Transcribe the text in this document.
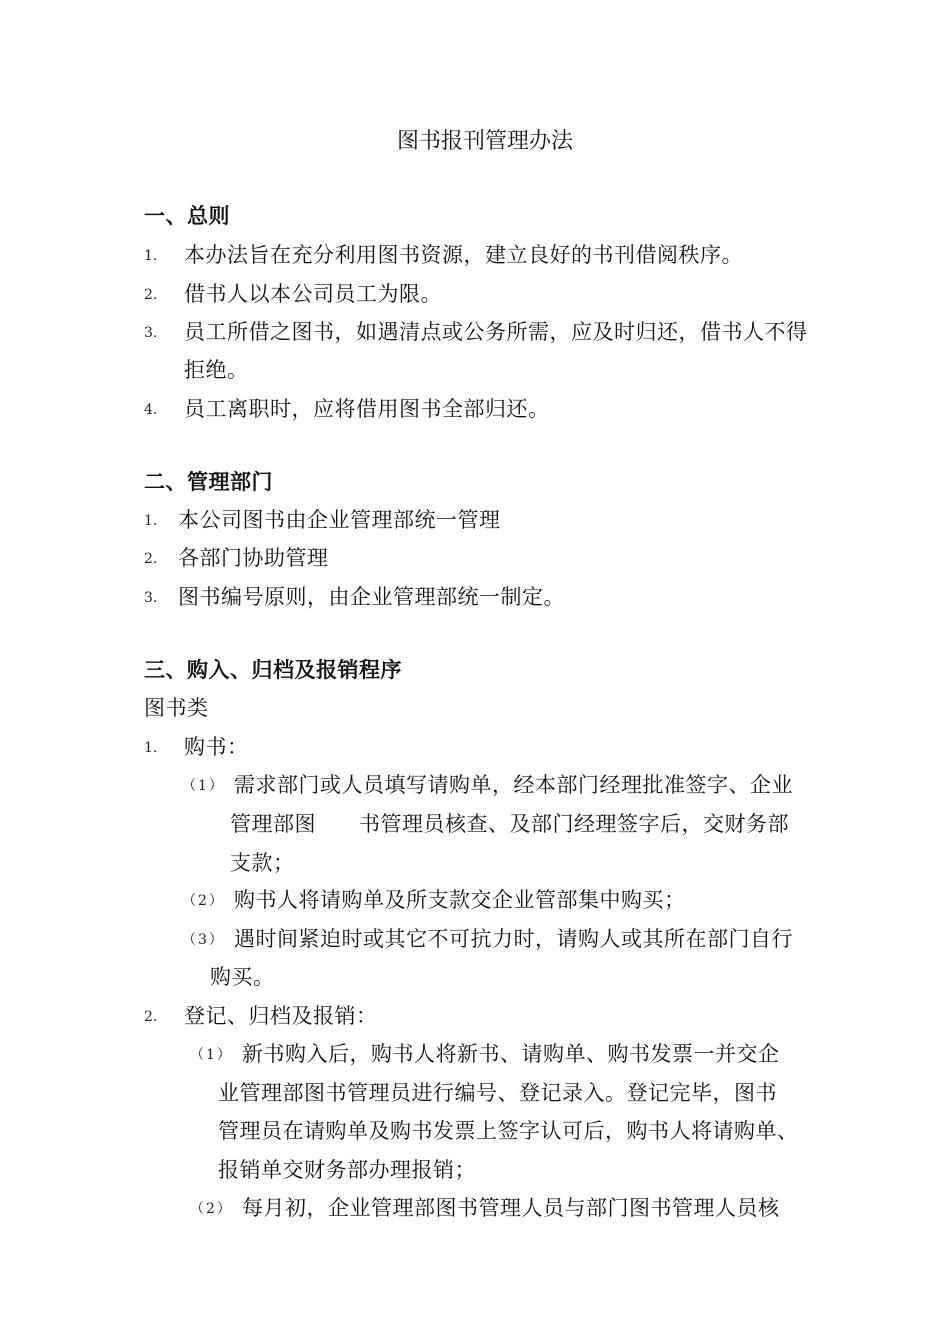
图书报刊管理办法
一、总则
1. 本办法旨在充分利用图书资源，建立良好的书刊借阅秩序。
2. 借书人以本公司员工为限。
3. 员工所借之图书，如遇清点或公务所需，应及时归还，借书人不得
拒绝。
4. 员工离职时，应将借用图书全部归还。
二、管理部门
1. 本公司图书由企业管理部统一管理
2. 各部门协助管理
3. 图书编号原则，由企业管理部统一制定。
三、购入、归档及报销程序
图书类
1. 购书：
（1） 需求部门或人员填写请购单，经本部门经理批准签字、企业
管理部图　　书管理员核查、及部门经理签字后，交财务部
支款；
（2） 购书人将请购单及所支款交企业管部集中购买；
（3） 遇时间紧迫时或其它不可抗力时，请购人或其所在部门自行
购买。
2. 登记、归档及报销：
（1） 新书购入后，购书人将新书、请购单、购书发票一并交企
业管理部图书管理员进行编号、登记录入。登记完毕，图书
管理员在请购单及购书发票上签字认可后，购书人将请购单、
报销单交财务部办理报销；
（2） 每月初，企业管理部图书管理人员与部门图书管理人员核
